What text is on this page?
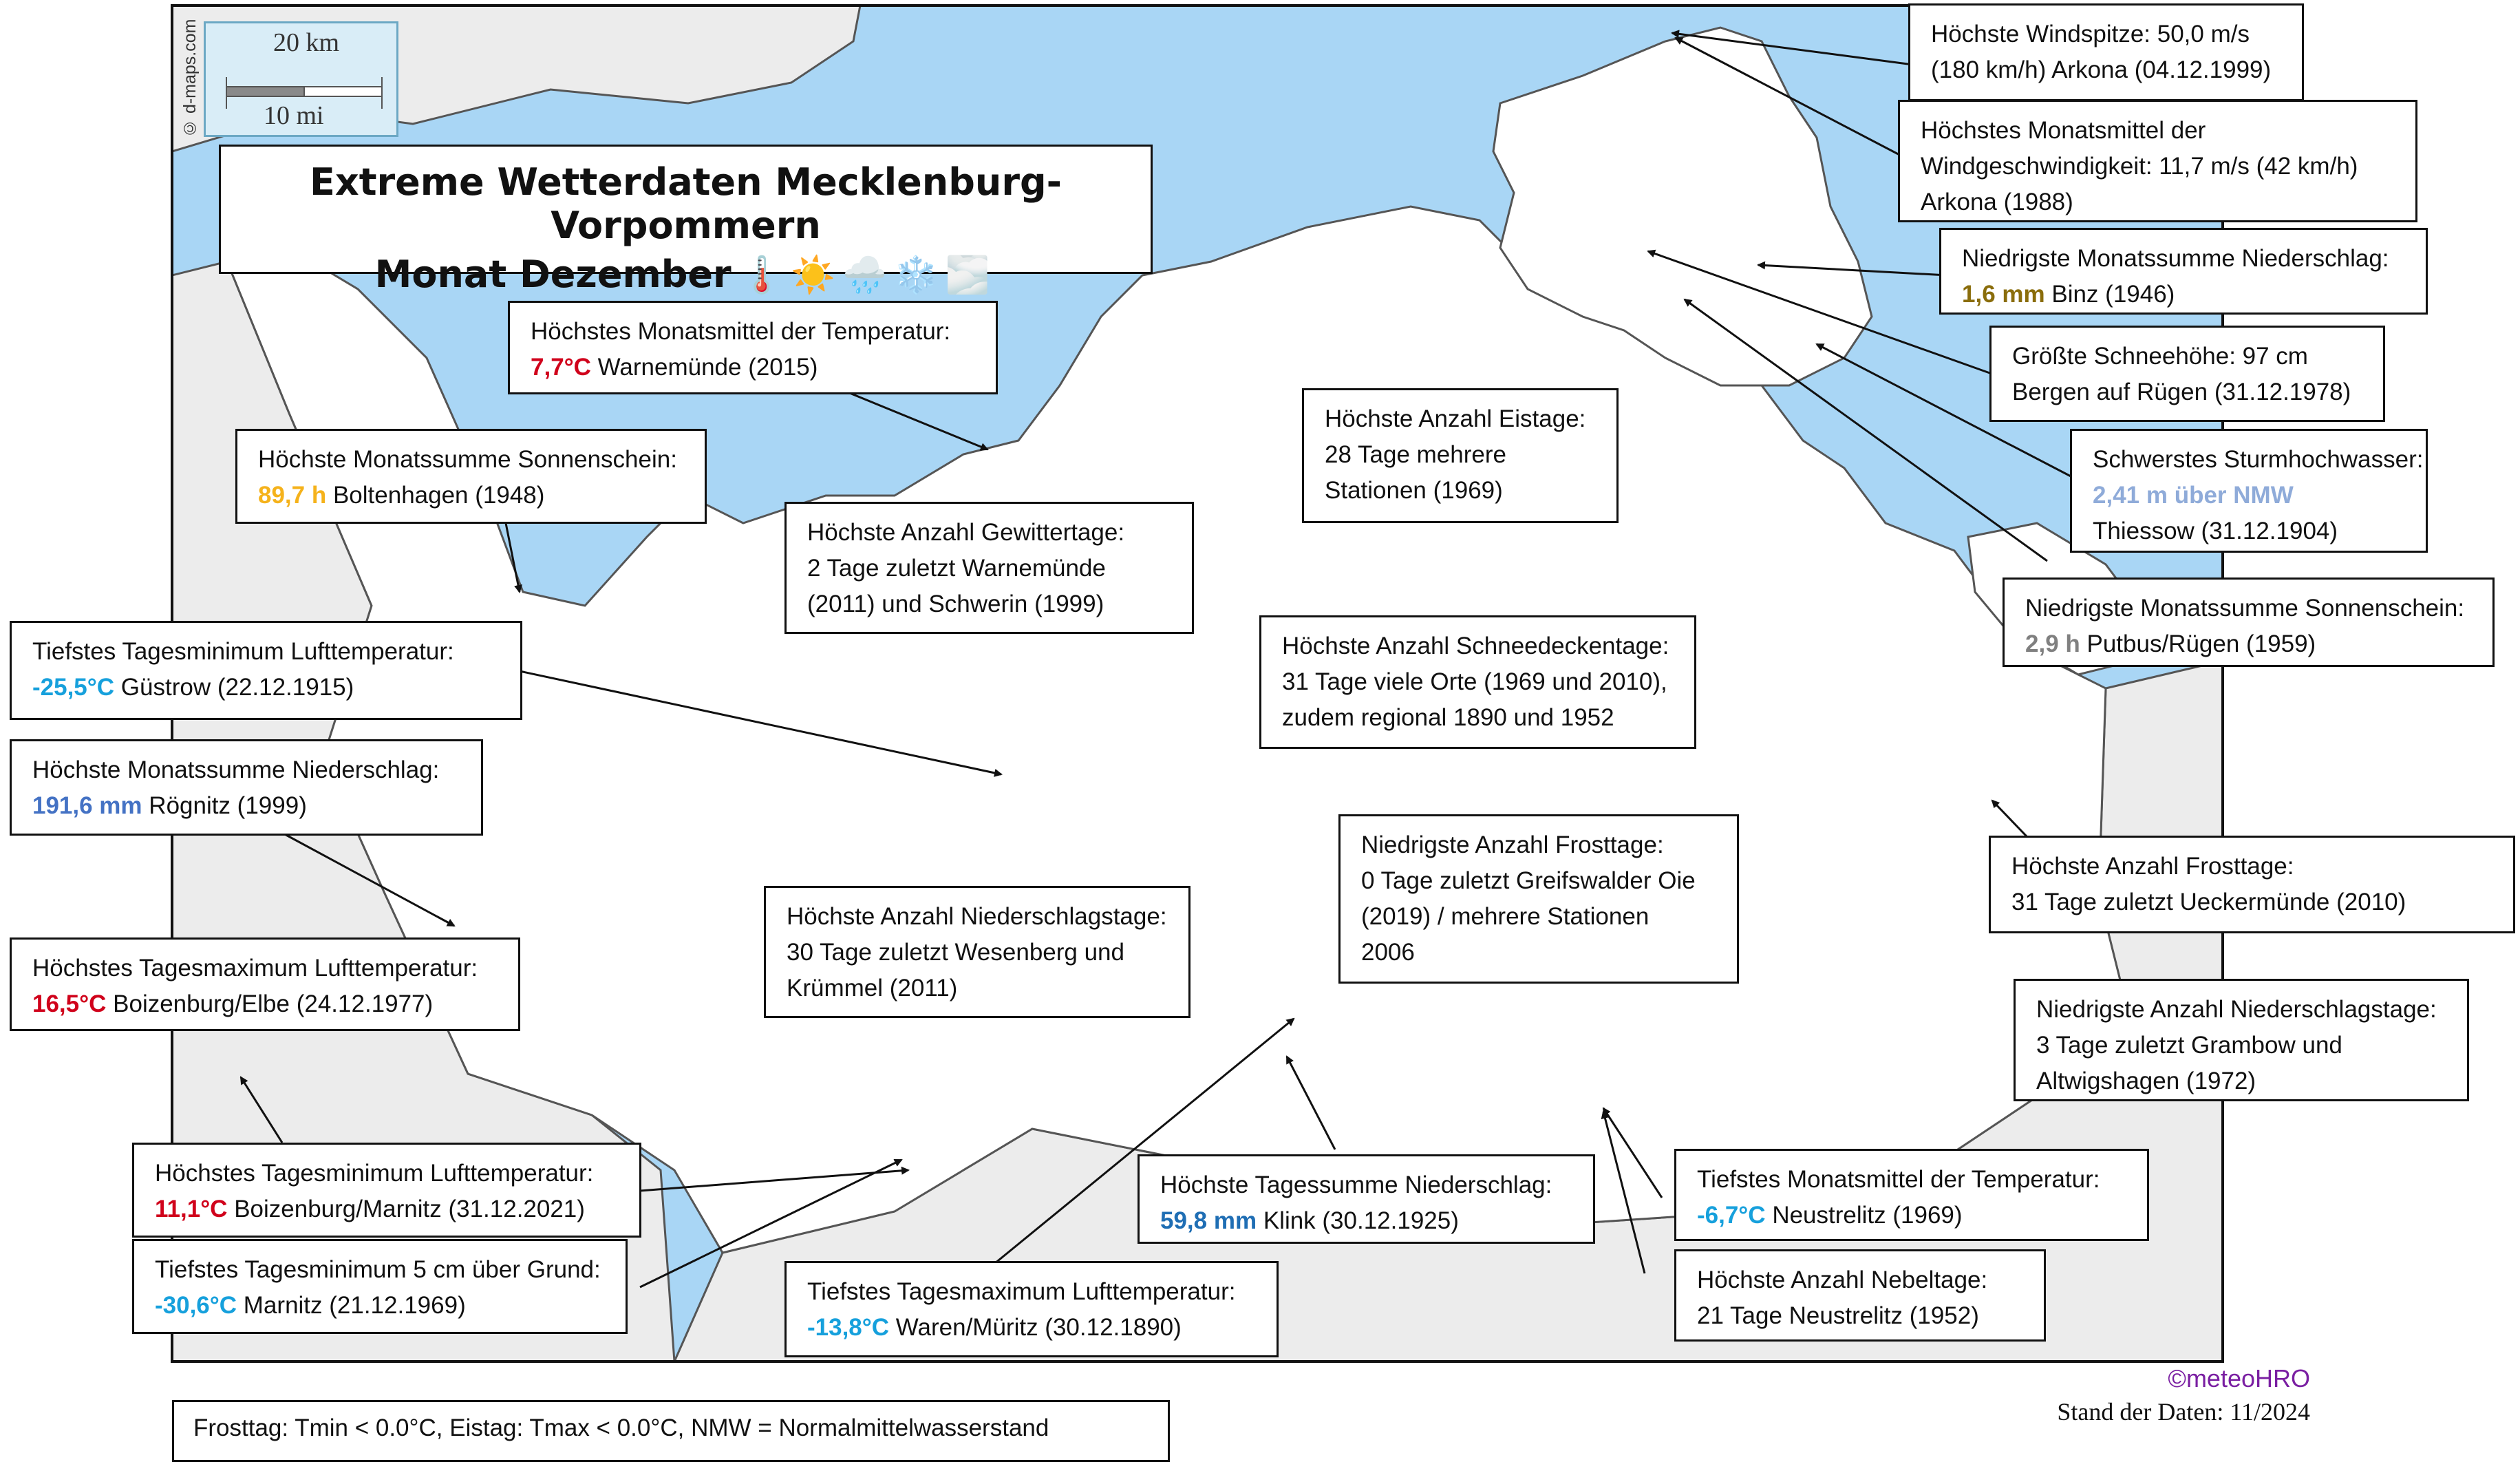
20 km
10 mi
© d-maps.com
Extreme Wetterdaten Mecklenburg-Vorpommern
Monat Dezember 🌡️☀️🌧️❄️🌫️
Höchste Windspitze: 50,0 m/s
(180 km/h) Arkona (04.12.1999)
Höchstes Monatsmittel der
Windgeschwindigkeit: 11,7 m/s (42 km/h)
Arkona (1988)
Niedrigste Monatssumme Niederschlag:
1,6 mm Binz (1946)
Größte Schneehöhe: 97 cm
Bergen auf Rügen (31.12.1978)
Schwerstes Sturmhochwasser:
2,41 m über NMW
Thiessow (31.12.1904)
Niedrigste Monatssumme Sonnenschein:
2,9 h Putbus/Rügen (1959)
Höchste Anzahl Frosttage:
31 Tage zuletzt Ueckermünde (2010)
Niedrigste Anzahl Niederschlagstage:
3 Tage zuletzt Grambow und
Altwigshagen (1972)
Tiefstes Monatsmittel der Temperatur:
-6,7°C Neustrelitz (1969)
Höchste Anzahl Nebeltage:
21 Tage Neustrelitz (1952)
Höchste Tagessumme Niederschlag:
59,8 mm Klink (30.12.1925)
Tiefstes Tagesmaximum Lufttemperatur:
-13,8°C Waren/Müritz (30.12.1890)
Tiefstes Tagesminimum 5 cm über Grund:
-30,6°C Marnitz (21.12.1969)
Höchstes Tagesminimum Lufttemperatur:
11,1°C Boizenburg/Marnitz (31.12.2021)
Höchstes Tagesmaximum Lufttemperatur:
16,5°C Boizenburg/Elbe (24.12.1977)
Höchste Monatssumme Niederschlag:
191,6 mm Rögnitz (1999)
Tiefstes Tagesminimum Lufttemperatur:
-25,5°C Güstrow (22.12.1915)
Höchste Monatssumme Sonnenschein:
89,7 h Boltenhagen (1948)
Höchstes Monatsmittel der Temperatur:
7,7°C Warnemünde (2015)
Höchste Anzahl Gewittertage:
2 Tage zuletzt Warnemünde
(2011) und Schwerin (1999)
Höchste Anzahl Eistage:
28 Tage mehrere
Stationen (1969)
Höchste Anzahl Schneedeckentage:
31 Tage viele Orte (1969 und 2010),
zudem regional 1890 und 1952
Niedrigste Anzahl Frosttage:
0 Tage zuletzt Greifswalder Oie
(2019) / mehrere Stationen
2006
Höchste Anzahl Niederschlagstage:
30 Tage zuletzt Wesenberg und
Krümmel (2011)
©meteoHRO
Stand der Daten: 11/2024
Frosttag: Tmin < 0.0°C, Eistag: Tmax < 0.0°C, NMW = Normalmittelwasserstand
